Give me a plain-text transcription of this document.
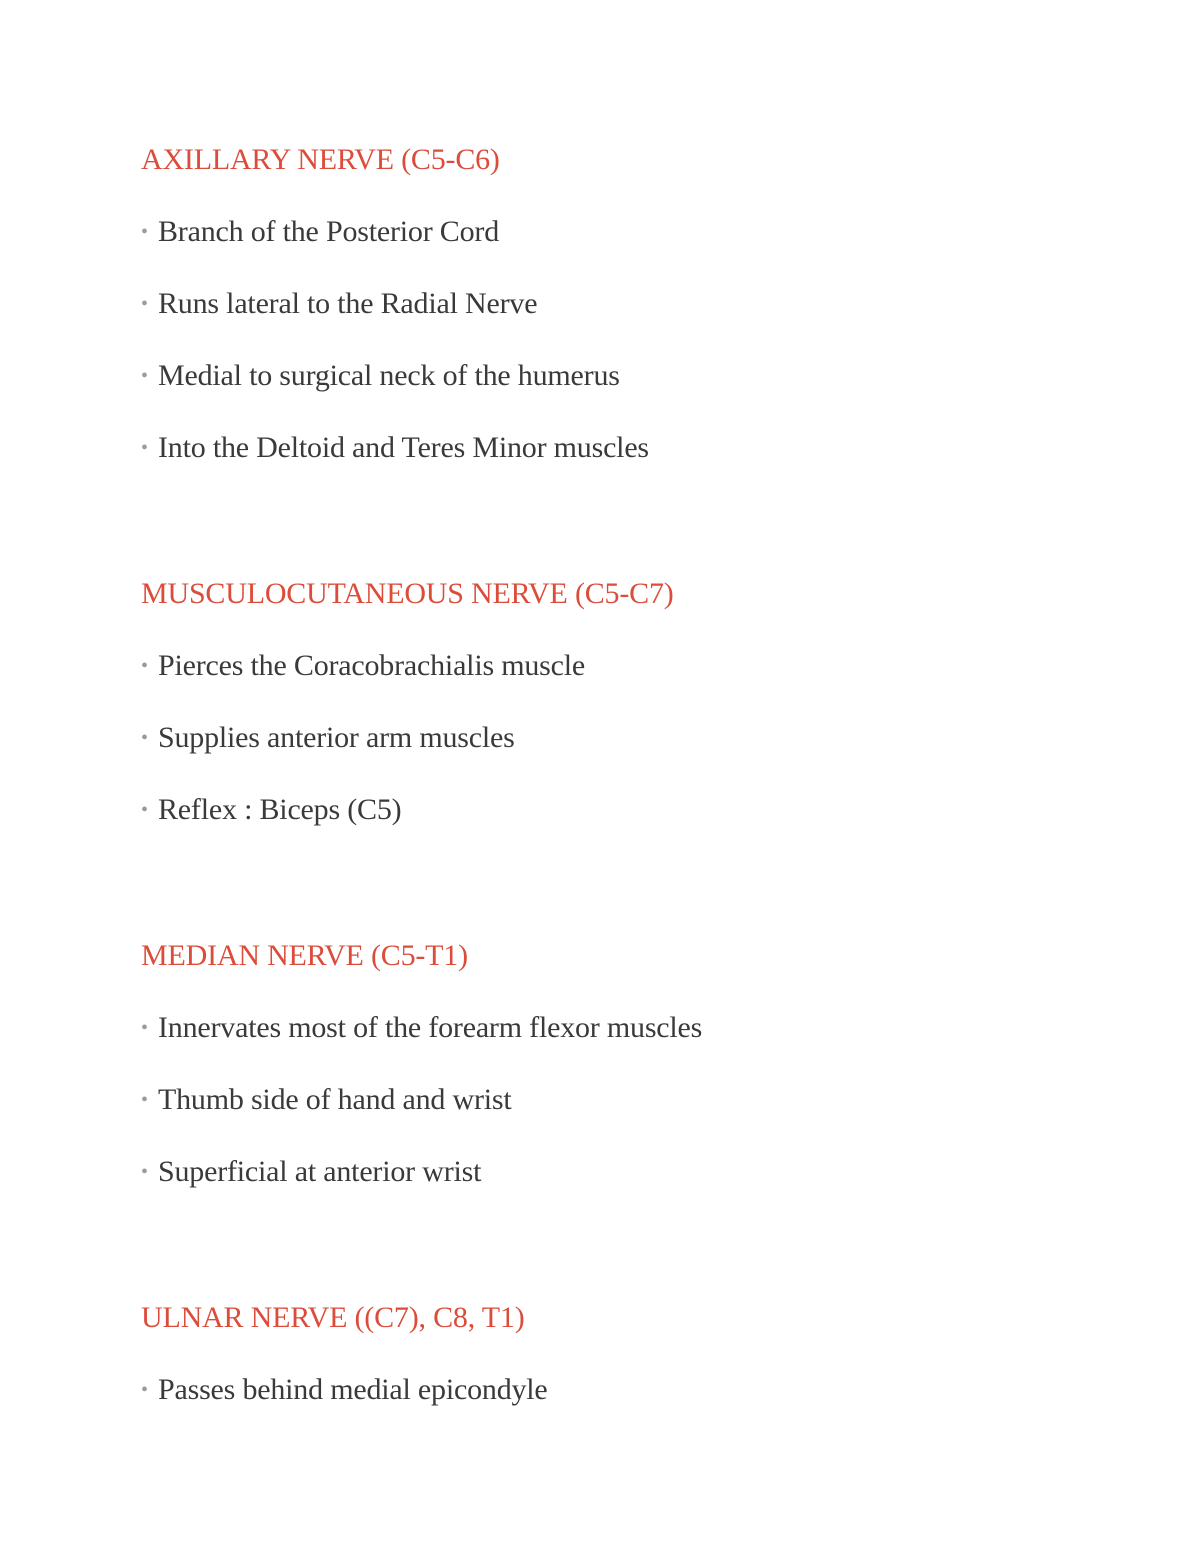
AXILLARY NERVE (C5-C6)
• Branch of the Posterior Cord
• Runs lateral to the Radial Nerve
• Medial to surgical neck of the humerus
• Into the Deltoid and Teres Minor muscles
MUSCULOCUTANEOUS NERVE (C5-C7)
• Pierces the Coracobrachialis muscle
• Supplies anterior arm muscles
• Reflex : Biceps (C5)
MEDIAN NERVE (C5-T1)
• Innervates most of the forearm flexor muscles
• Thumb side of hand and wrist
• Superficial at anterior wrist
ULNAR NERVE ((C7), C8, T1)
• Passes behind medial epicondyle
